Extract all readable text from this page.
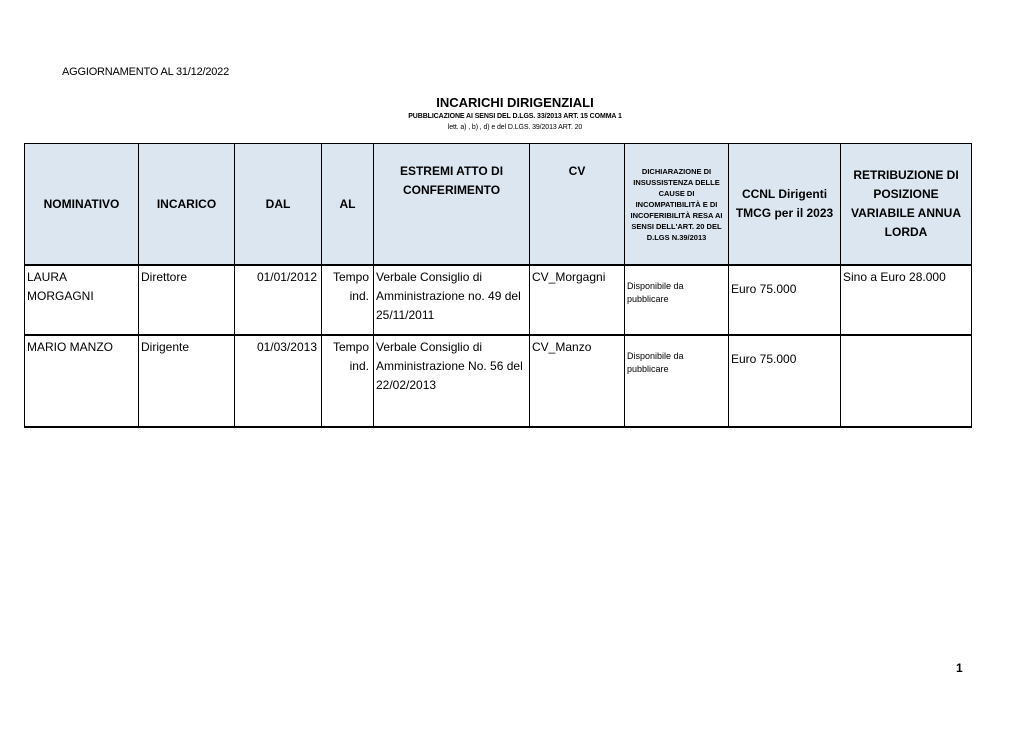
AGGIORNAMENTO AL 31/12/2022
INCARICHI DIRIGENZIALI
PUBBLICAZIONE AI SENSI DEL D.LGS. 33/2013 ART. 15 COMMA 1
lett. a) , b) , d) e del D.LGS. 39/2013 ART. 20
NOMINATIVO	INCARICO	DAL	AL	ESTREMI ATTO DI CONFERIMENTO	CV	DICHIARAZIONE DI INSUSSISTENZA DELLE CAUSE DI INCOMPATIBILITÀ E DI INCOFERIBILITÀ RESA AI SENSI DELL'ART. 20 DEL D.LGS N.39/2013	CCNL Dirigenti TMCG per il 2023	RETRIBUZIONE DI POSIZIONE VARIABILE ANNUA LORDA
LAURA MORGAGNI	Direttore	01/01/2012	Tempo ind.	Verbale Consiglio di Amministrazione no. 49 del 25/11/2011	CV_Morgagni	Disponibile da pubblicare	Euro 75.000	Sino a Euro 28.000
MARIO MANZO	Dirigente	01/03/2013	Tempo ind.	Verbale Consiglio di Amministrazione No. 56 del 22/02/2013	CV_Manzo	Disponibile da pubblicare	Euro 75.000	
1
